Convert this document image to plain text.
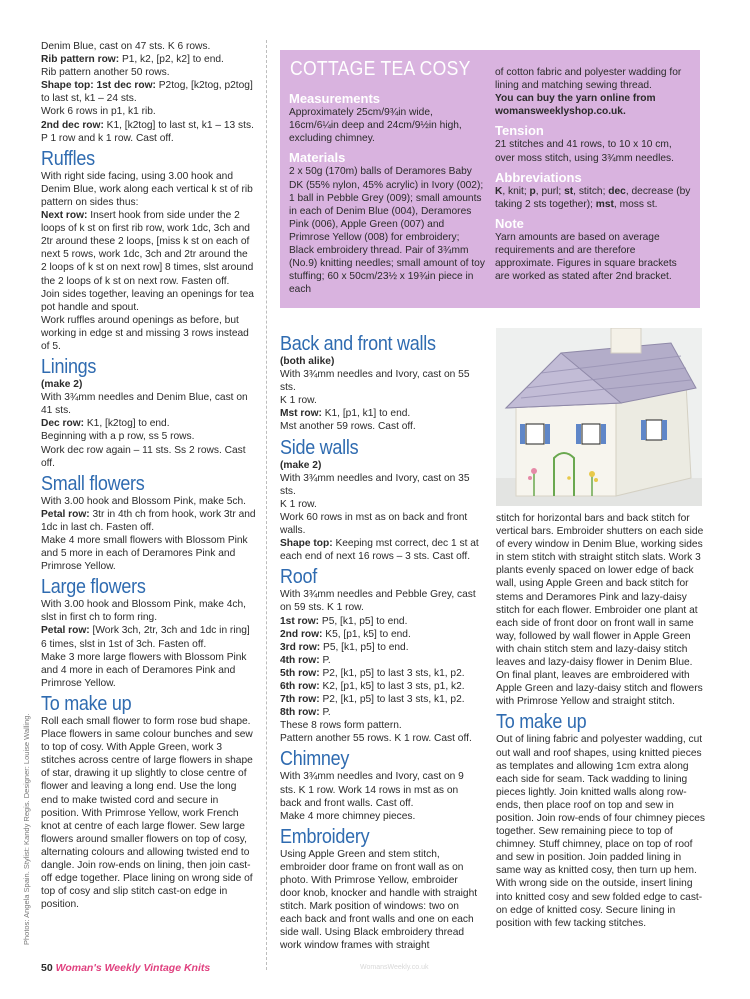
Denim Blue, cast on 47 sts. K 6 rows.

Rib pattern row: P1, k2, [p2, k2] to end.

Rib pattern another 50 rows.

Shape top: 1st dec row: P2tog, [k2tog, p2tog] to last st, k1 – 24 sts.

Work 6 rows in p1, k1 rib.

2nd dec row: K1, [k2tog] to last st, k1 – 13 sts. P 1 row and k 1 row. Cast off.

Ruffles

With right side facing, using 3.00 hook and Denim Blue, work along each vertical k st of rib pattern on sides thus:

Next row: Insert hook from side under the 2 loops of k st on first rib row, work 1dc, 3ch and 2tr around these 2 loops, [miss k st on each of next 5 rows, work 1dc, 3ch and 2tr around the 2 loops of k st on next row] 8 times, slst around the 2 loops of k st on next row. Fasten off.

Join sides together, leaving an openings for tea pot handle and spout.

Work ruffles around openings as before, but working in edge st and missing 3 rows instead of 5.

Linings

(make 2)

With 3¾mm needles and Denim Blue, cast on 41 sts.

Dec row: K1, [k2tog] to end.

Beginning with a p row, ss 5 rows.

Work dec row again – 11 sts. Ss 2 rows. Cast off.

Small flowers

With 3.00 hook and Blossom Pink, make 5ch.

Petal row: 3tr in 4th ch from hook, work 3tr and 1dc in last ch. Fasten off.

Make 4 more small flowers with Blossom Pink and 5 more in each of Deramores Pink and Primrose Yellow.

Large flowers

With 3.00 hook and Blossom Pink, make 4ch, slst in first ch to form ring.

Petal row: [Work 3ch, 2tr, 3ch and 1dc in ring] 6 times, slst in 1st of 3ch. Fasten off.

Make 3 more large flowers with Blossom Pink and 4 more in each of Deramores Pink and Primrose Yellow.

To make up

Roll each small flower to form rose bud shape. Place flowers in same colour bunches and sew to top of cosy. With Apple Green, work 3 stitches across centre of large flowers in shape of star, drawing it up slightly to close centre of flower and leaving a long end. Use the long end to make twisted cord and secure in position. With Primrose Yellow, work French knot at centre of each large flower. Sew large flowers around smaller flowers on top of cosy, alternating colours and allowing twisted end to dangle. Join row-ends on lining, then join cast-off edge together. Place lining on wrong side of top of cosy and slip stitch cast-on edge in position.

COTTAGE TEA COSY
Measurements

Approximately 25cm/9¾in wide, 16cm/6¼in deep and 24cm/9½in high, excluding chimney.

Materials

2 x 50g (170m) balls of Deramores Baby DK (55% nylon, 45% acrylic) in Ivory (002); 1 ball in Pebble Grey (009); small amounts in each of Denim Blue (004), Deramores Pink (006), Apple Green (007) and Primrose Yellow (008) for embroidery; Black embroidery thread. Pair of 3¾mm (No.9) knitting needles; small amount of toy stuffing; 60 x 50cm/23½ x 19¾in piece in each

of cotton fabric and polyester wadding for lining and matching sewing thread.

You can buy the yarn online from womansweeklyshop.co.uk.

Tension

21 stitches and 41 rows, to 10 x 10 cm, over moss stitch, using 3¾mm needles.

Abbreviations
K, knit; p, purl; st, stitch; dec, decrease (by taking 2 sts together); mst, moss st.
Note

Yarn amounts are based on average requirements and are therefore approximate. Figures in square brackets are worked as stated after 2nd bracket.

Back and front walls

(both alike)

With 3¾mm needles and Ivory, cast on 55 sts.

K 1 row.

Mst row: K1, [p1, k1] to end.

Mst another 59 rows. Cast off.

Side walls

(make 2)

With 3¾mm needles and Ivory, cast on 35 sts.

K 1 row.

Work 60 rows in mst as on back and front walls.

Shape top: Keeping mst correct, dec 1 st at each end of next 16 rows – 3 sts. Cast off.

Roof

With 3¾mm needles and Pebble Grey, cast on 59 sts. K 1 row.

1st row: P5, [k1, p5] to end.

2nd row: K5, [p1, k5] to end.

3rd row: P5, [k1, p5] to end.

4th row: P.

5th row: P2, [k1, p5] to last 3 sts, k1, p2.

6th row: K2, [p1, k5] to last 3 sts, p1, k2.

7th row: P2, [k1, p5] to last 3 sts, k1, p2.

8th row: P.

These 8 rows form pattern.

Pattern another 55 rows. K 1 row. Cast off.

Chimney

With 3¾mm needles and Ivory, cast on 9 sts. K 1 row. Work 14 rows in mst as on back and front walls. Cast off.

Make 4 more chimney pieces.

Embroidery

Using Apple Green and stem stitch, embroider door frame on front wall as on photo. With Primrose Yellow, embroider door knob, knocker and handle with straight stitch. Mark position of windows: two on each back and front walls and one on each side wall. Using Black embroidery thread work window frames with straight

stitch for horizontal bars and back stitch for vertical bars. Embroider shutters on each side of every window in Denim Blue, working sides in stem stitch with straight stitch slats. Work 3 plants evenly spaced on lower edge of back wall, using Apple Green and back stitch for stems and Deramores Pink and lazy-daisy stitch for each flower. Embroider one plant at each side of front door on front wall in same way, followed by wall flower in Apple Green with chain stitch stem and lazy-daisy stitch leaves and lazy-daisy flower in Denim Blue. On final plant, leaves are embroidered with Apple Green and lazy-daisy stitch and flowers with Primrose Yellow and straight stitch.

To make up

Out of lining fabric and polyester wadding, cut out wall and roof shapes, using knitted pieces as templates and allowing 1cm extra along each side for seam. Tack wadding to lining pieces lightly. Join knitted walls along row-ends, then place roof on top and sew in position. Join row-ends of four chimney pieces together. Sew remaining piece to top of chimney. Stuff chimney, place on top of roof and sew in position. Join padded lining in same way as knitted cosy, then turn up hem. With wrong side on the outside, insert lining into knitted cosy and sew folded edge to cast-on edge of knitted cosy. Secure lining in position with few tacking stitches.

Photos: Angela Spain. Stylist: Kandy Regis. Designer: Louise Walling.
50 Woman's Weekly Vintage Knits	WomansWeekly.co.uk
